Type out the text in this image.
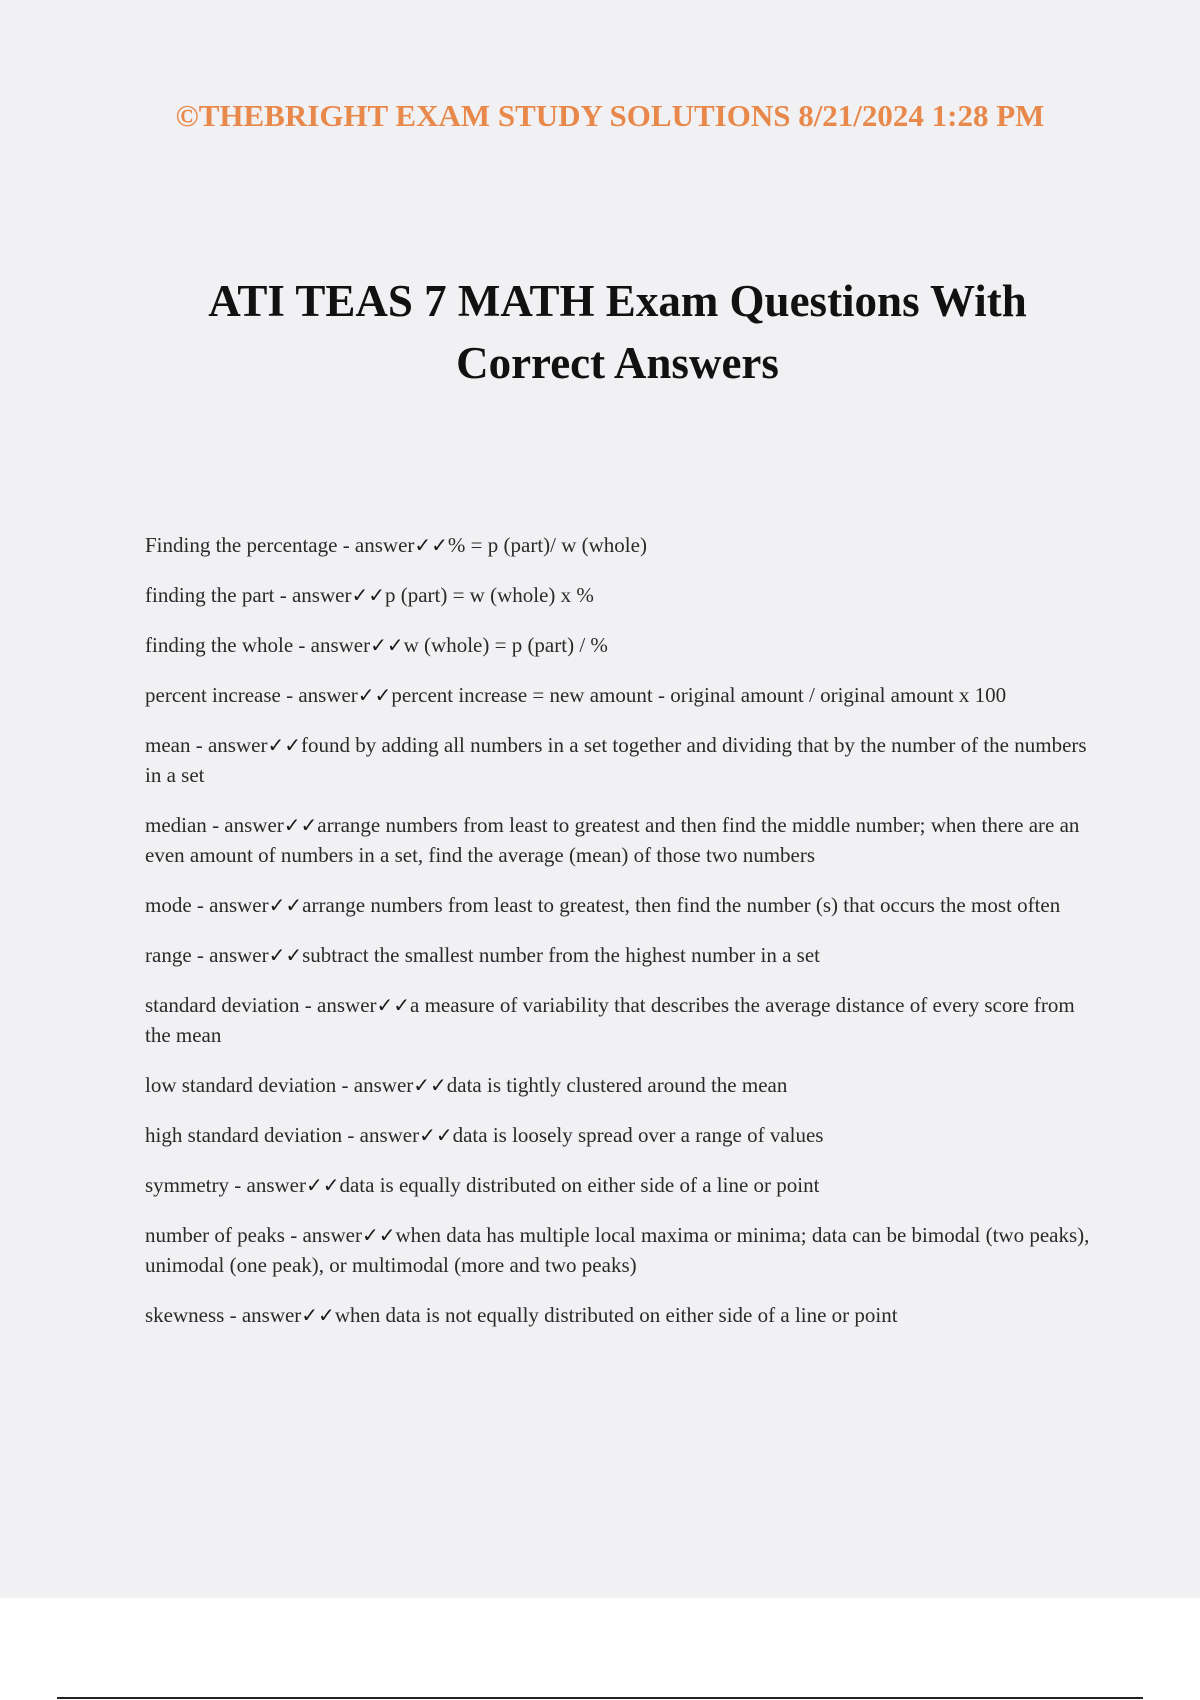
©THEBRIGHT EXAM STUDY SOLUTIONS 8/21/2024 1:28 PM
ATI TEAS 7 MATH Exam Questions With
Correct Answers
Finding the percentage - answer✓✓% = p (part)/ w (whole)
finding the part - answer✓✓p (part) = w (whole) x %
finding the whole - answer✓✓w (whole) = p (part) / %
percent increase - answer✓✓percent increase = new amount - original amount / original amount x 100
mean - answer✓✓found by adding all numbers in a set together and dividing that by the number of the numbers in a set
median - answer✓✓arrange numbers from least to greatest and then find the middle number; when there are an even amount of numbers in a set, find the average (mean) of those two numbers
mode - answer✓✓arrange numbers from least to greatest, then find the number (s) that occurs the most often
range - answer✓✓subtract the smallest number from the highest number in a set
standard deviation - answer✓✓a measure of variability that describes the average distance of every score from the mean
low standard deviation - answer✓✓data is tightly clustered around the mean
high standard deviation - answer✓✓data is loosely spread over a range of values
symmetry - answer✓✓data is equally distributed on either side of a line or point
number of peaks - answer✓✓when data has multiple local maxima or minima; data can be bimodal (two peaks), unimodal (one peak), or multimodal (more and two peaks)
skewness - answer✓✓when data is not equally distributed on either side of a line or point
